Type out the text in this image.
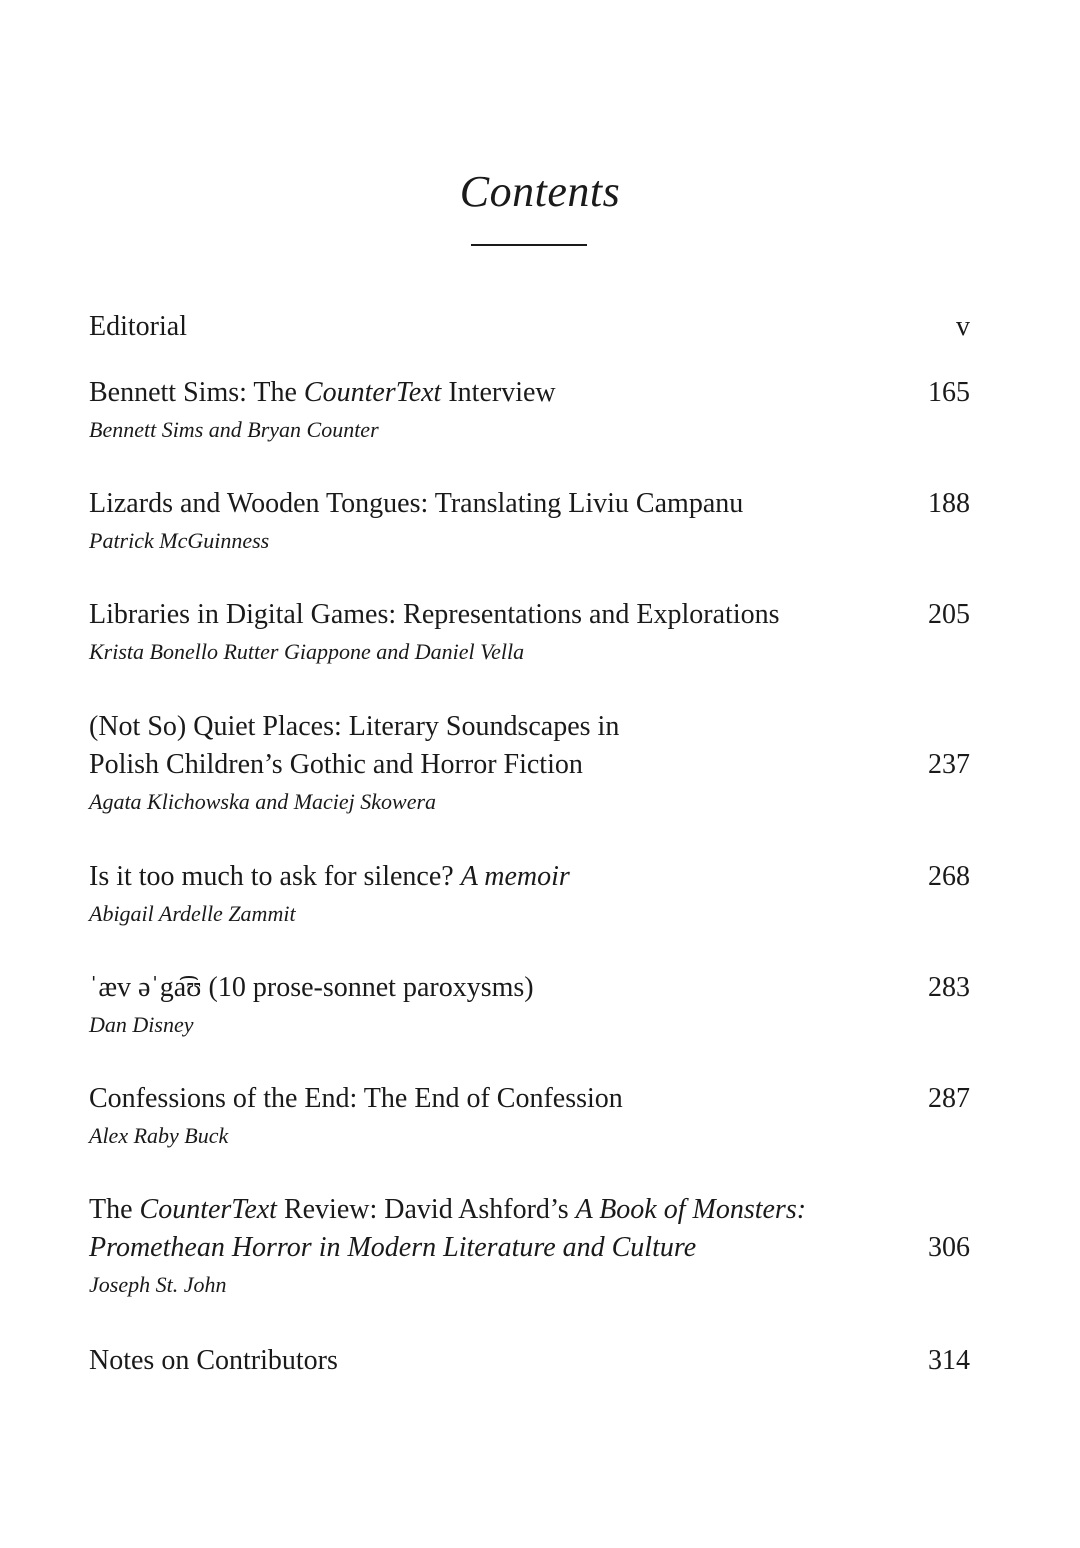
Contents
Editorial	v
Bennett Sims: The CounterText Interview	165
Bennett Sims and Bryan Counter
Lizards and Wooden Tongues: Translating Liviu Campanu	188
Patrick McGuinness
Libraries in Digital Games: Representations and Explorations	205
Krista Bonello Rutter Giappone and Daniel Vella
(Not So) Quiet Places: Literary Soundscapes in
Polish Children’s Gothic and Horror Fiction	237
Agata Klichowska and Maciej Skowera
Is it too much to ask for silence? A memoir	268
Abigail Ardelle Zammit
ˈæv əˈga͡ʊ (10 prose-sonnet paroxysms)	283
Dan Disney
Confessions of the End: The End of Confession	287
Alex Raby Buck
The CounterText Review: David Ashford’s A Book of Monsters:
Promethean Horror in Modern Literature and Culture	306
Joseph St. John
Notes on Contributors	314
